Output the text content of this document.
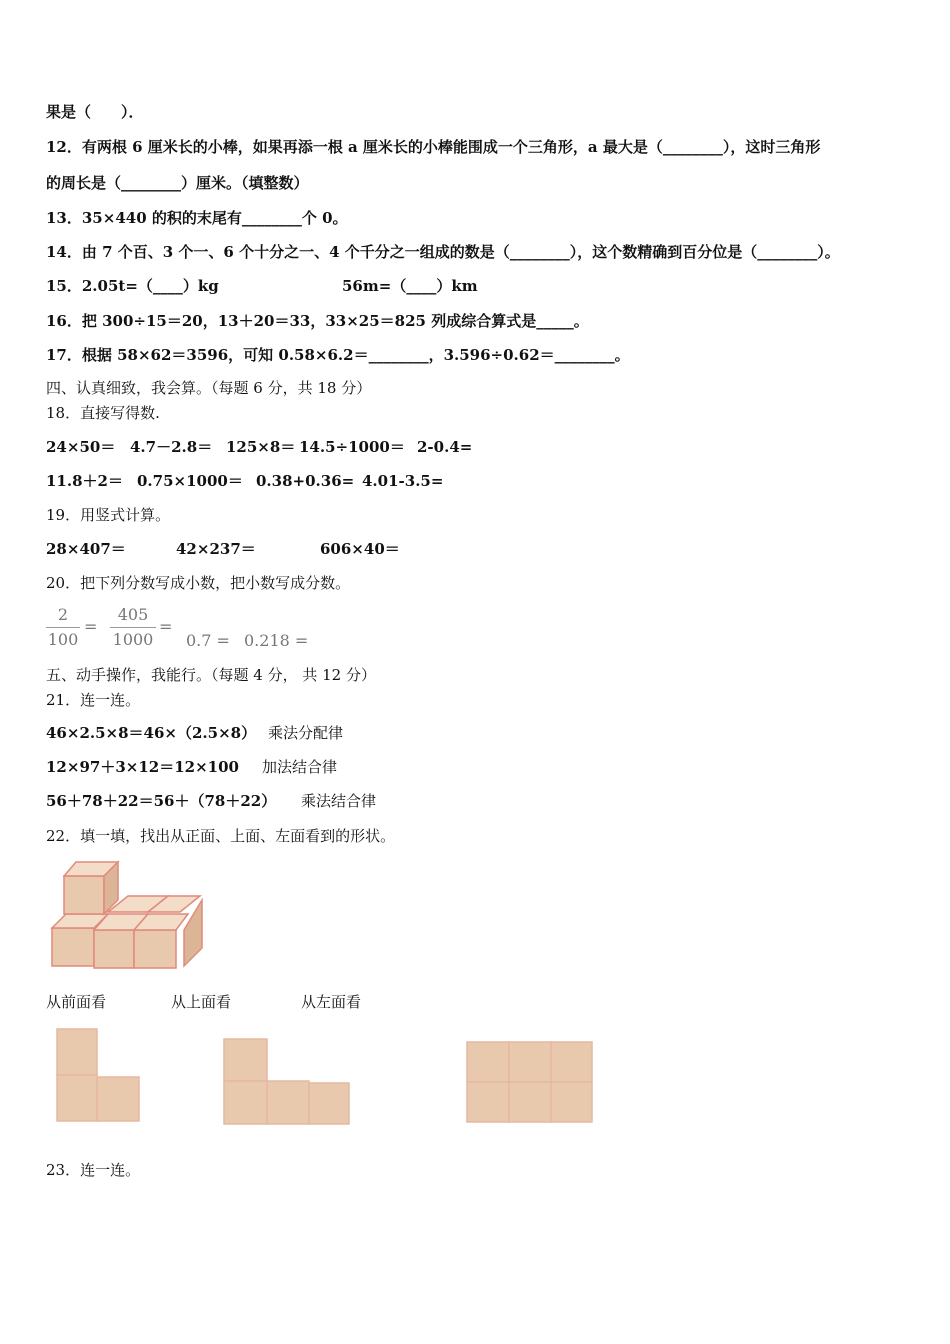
果是（　　）．
12．有两根 6 厘米长的小棒，如果再添一根 a 厘米长的小棒能围成一个三角形，a 最大是（________），这时三角形
的周长是（________）厘米。（填整数）
13．35×440 的积的末尾有________个 0。
14．由 7 个百、3 个一、6 个十分之一、4 个千分之一组成的数是（________），这个数精确到百分位是（________）。
15．2.05t=（____）kg	56m=（____）km
16．把 300÷15＝20，13＋20＝33，33×25＝825 列成综合算式是_____。
17．根据 58×62＝3596，可知 0.58×6.2＝________，3.596÷0.62＝________。
四、认真细致，我会算。（每题 6 分，共 18 分）
18．直接写得数.
24×50＝ 4.7－2.8＝ 125×8＝ 14.5÷1000＝ 2-0.4=
11.8＋2＝ 0.75×1000＝ 0.38+0.36= 4.01-3.5=
19．用竖式计算。
28×407＝	42×237＝	606×40＝
20．把下列分数写成小数，把小数写成分数。
2
100
=
405
1000
=
0.7 = 0.218 =
五、动手操作，我能行。（每题 4 分， 共 12 分）
21．连一连。
46×2.5×8＝46×（2.5×8） 乘法分配律
12×97＋3×12＝12×100 加法结合律
56＋78＋22＝56＋（78＋22） 乘法结合律
22．填一填，找出从正面、上面、左面看到的形状。
从前面看	从上面看	从左面看
23．连一连。
